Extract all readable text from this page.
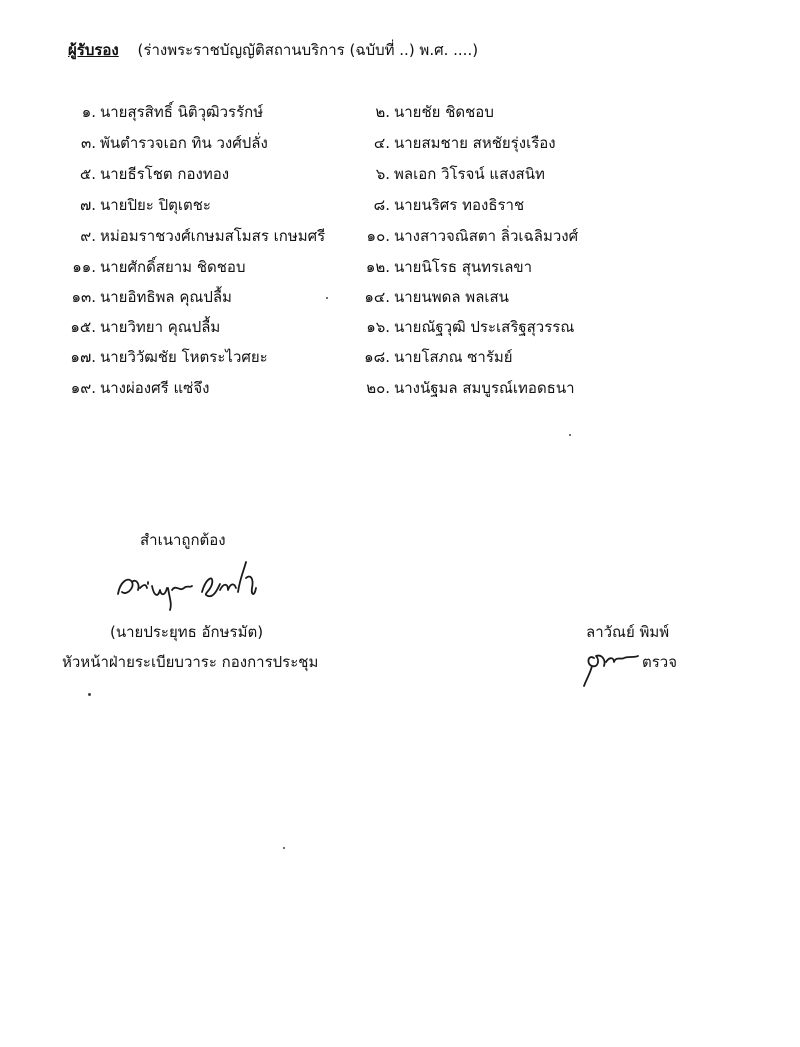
ผู้รับรอง (ร่างพระราชบัญญัติสถานบริการ (ฉบับที่ ..) พ.ศ. ....)
๑. นายสุรสิทธิ์ นิติวุฒิวรรักษ์
๓. พันตำรวจเอก ทิน วงศ์ปลั่ง
๕. นายธีรโชต กองทอง
๗. นายปิยะ ปิตุเตชะ
๙. หม่อมราชวงศ์เกษมสโมสร เกษมศรี
๑๑. นายศักดิ์สยาม ชิดชอบ
๑๓. นายอิทธิพล คุณปลื้ม
๑๕. นายวิทยา คุณปลื้ม
๑๗. นายวิวัฒชัย โหตระไวศยะ
๑๙. นางผ่องศรี แซ่จึง
๒. นายชัย ชิดชอบ
๔. นายสมชาย สหชัยรุ่งเรือง
๖. พลเอก วิโรจน์ แสงสนิท
๘. นายนริศร ทองธิราช
๑๐. นางสาวจณิสตา ลิ่วเฉลิมวงศ์
๑๒. นายนิโรธ สุนทรเลขา
๑๔. นายนพดล พลเสน
๑๖. นายณัฐวุฒิ ประเสริฐสุวรรณ
๑๘. นายโสภณ ซารัมย์
๒๐. นางนัฐมล สมบูรณ์เทอดธนา
สำเนาถูกต้อง
(นายประยุทธ อักษรมัต)
หัวหน้าฝ่ายระเบียบวาระ กองการประชุม
ลาวัณย์ พิมพ์
ตรวจ
